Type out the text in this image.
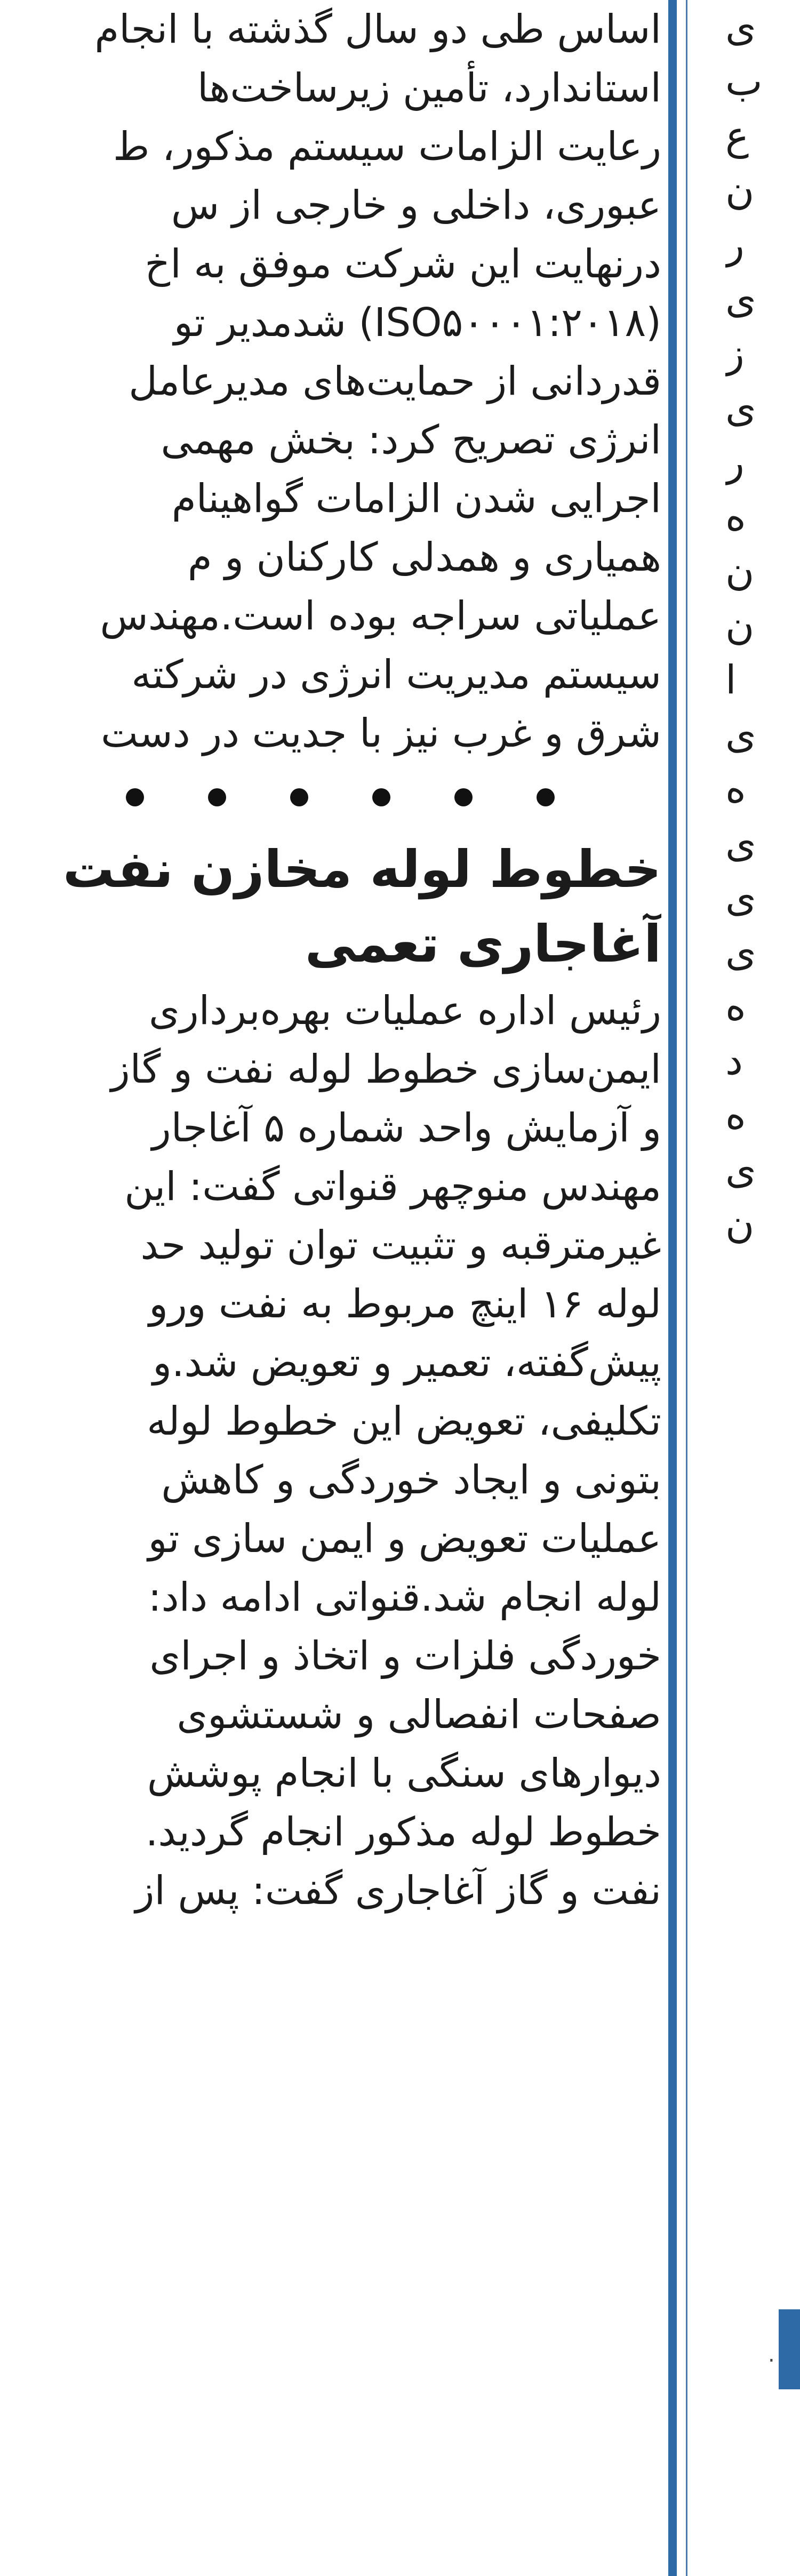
اساس طی دو سال گذشته با انجام
استاندارد، تأمین زیرساخت‌ها
رعایت الزامات سیستم مذکور، ط
عبوری، داخلی و خارجی از س
درنهایت این شرکت موفق به اخ
(ISO۵۰۰۰۱:۲۰۱۸) شدمدیر تو
قدردانی از حمایت‌های مدیرعامل
انرژی تصریح کرد: بخش مهمی
اجرایی شدن الزامات گواهینام
همیاری و همدلی کارکنان و م
عملیاتی سراجه بوده است.مهندس
سیستم مدیریت انرژی در شرکته
شرق و غرب نیز با جدیت در دست
خطوط لوله مخازن نفت
آغاجاری تعمی
رئیس اداره عملیات بهره‌برداری
ایمن‌سازی خطوط لوله نفت و گاز
و آزمایش واحد شماره ۵ آغاجار
مهندس منوچهر قنواتی گفت: این
غیرمترقبه و تثبیت توان تولید حد
لوله ۱۶ اینچ مربوط به نفت ورو
پیش‌گفته، تعمیر و تعویض شد.و
تکلیفی، تعویض این خطوط لوله
بتونی و ایجاد خوردگی و کاهش
عملیات تعویض و ایمن سازی تو
لوله انجام شد.قنواتی ادامه داد:
خوردگی فلزات و اتخاذ و اجرای
صفحات انفصالی و شستشوی
دیوارهای سنگی با انجام پوشش
خطوط لوله مذکور انجام گردید.
نفت و گاز آغاجاری گفت: پس از
ی
ب
ع
ن
ر
ی
ز
ی
ر
ه
ن
ن
ا
ی
ه
ی
ی
ی
ه
د
ه
ی
ن
.
